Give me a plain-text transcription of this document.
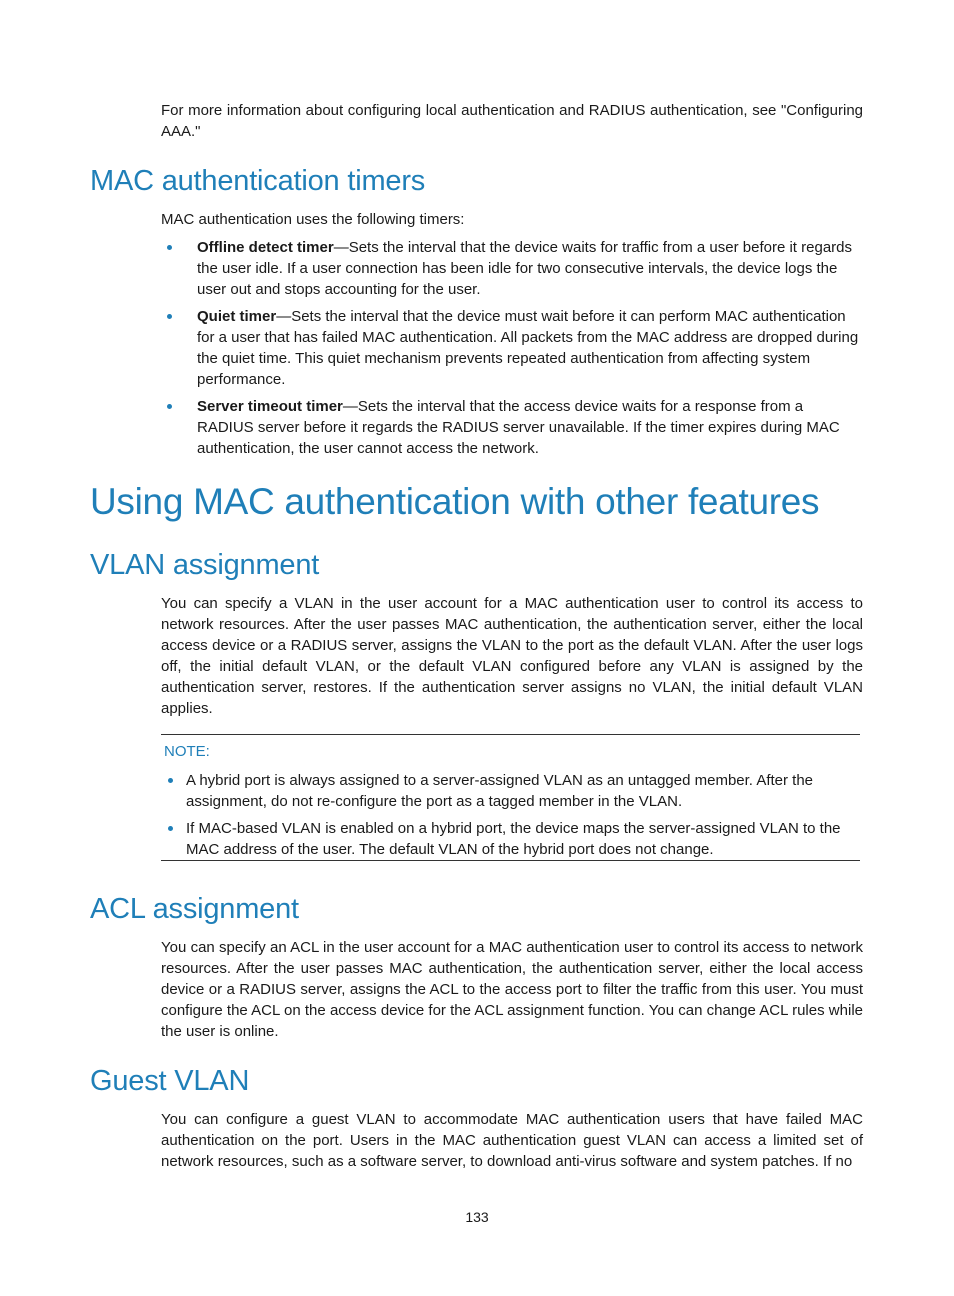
For more information about configuring local authentication and RADIUS authentication, see "Configuring AAA."

MAC authentication timers

MAC authentication uses the following timers:

Offline detect timer—Sets the interval that the device waits for traffic from a user before it regards the user idle. If a user connection has been idle for two consecutive intervals, the device logs the user out and stops accounting for the user.
Quiet timer—Sets the interval that the device must wait before it can perform MAC authentication for a user that has failed MAC authentication. All packets from the MAC address are dropped during the quiet time. This quiet mechanism prevents repeated authentication from affecting system performance.
Server timeout timer—Sets the interval that the access device waits for a response from a RADIUS server before it regards the RADIUS server unavailable. If the timer expires during MAC authentication, the user cannot access the network.
Using MAC authentication with other features
VLAN assignment

You can specify a VLAN in the user account for a MAC authentication user to control its access to network resources. After the user passes MAC authentication, the authentication server, either the local access device or a RADIUS server, assigns the VLAN to the port as the default VLAN. After the user logs off, the initial default VLAN, or the default VLAN configured before any VLAN is assigned by the authentication server, restores. If the authentication server assigns no VLAN, the initial default VLAN applies.

NOTE:
A hybrid port is always assigned to a server-assigned VLAN as an untagged member. After the assignment, do not re-configure the port as a tagged member in the VLAN.
If MAC-based VLAN is enabled on a hybrid port, the device maps the server-assigned VLAN to the MAC address of the user. The default VLAN of the hybrid port does not change.
ACL assignment

You can specify an ACL in the user account for a MAC authentication user to control its access to network resources. After the user passes MAC authentication, the authentication server, either the local access device or a RADIUS server, assigns the ACL to the access port to filter the traffic from this user. You must configure the ACL on the access device for the ACL assignment function. You can change ACL rules while the user is online.

Guest VLAN

You can configure a guest VLAN to accommodate MAC authentication users that have failed MAC authentication on the port. Users in the MAC authentication guest VLAN can access a limited set of network resources, such as a software server, to download anti-virus software and system patches. If no

133
